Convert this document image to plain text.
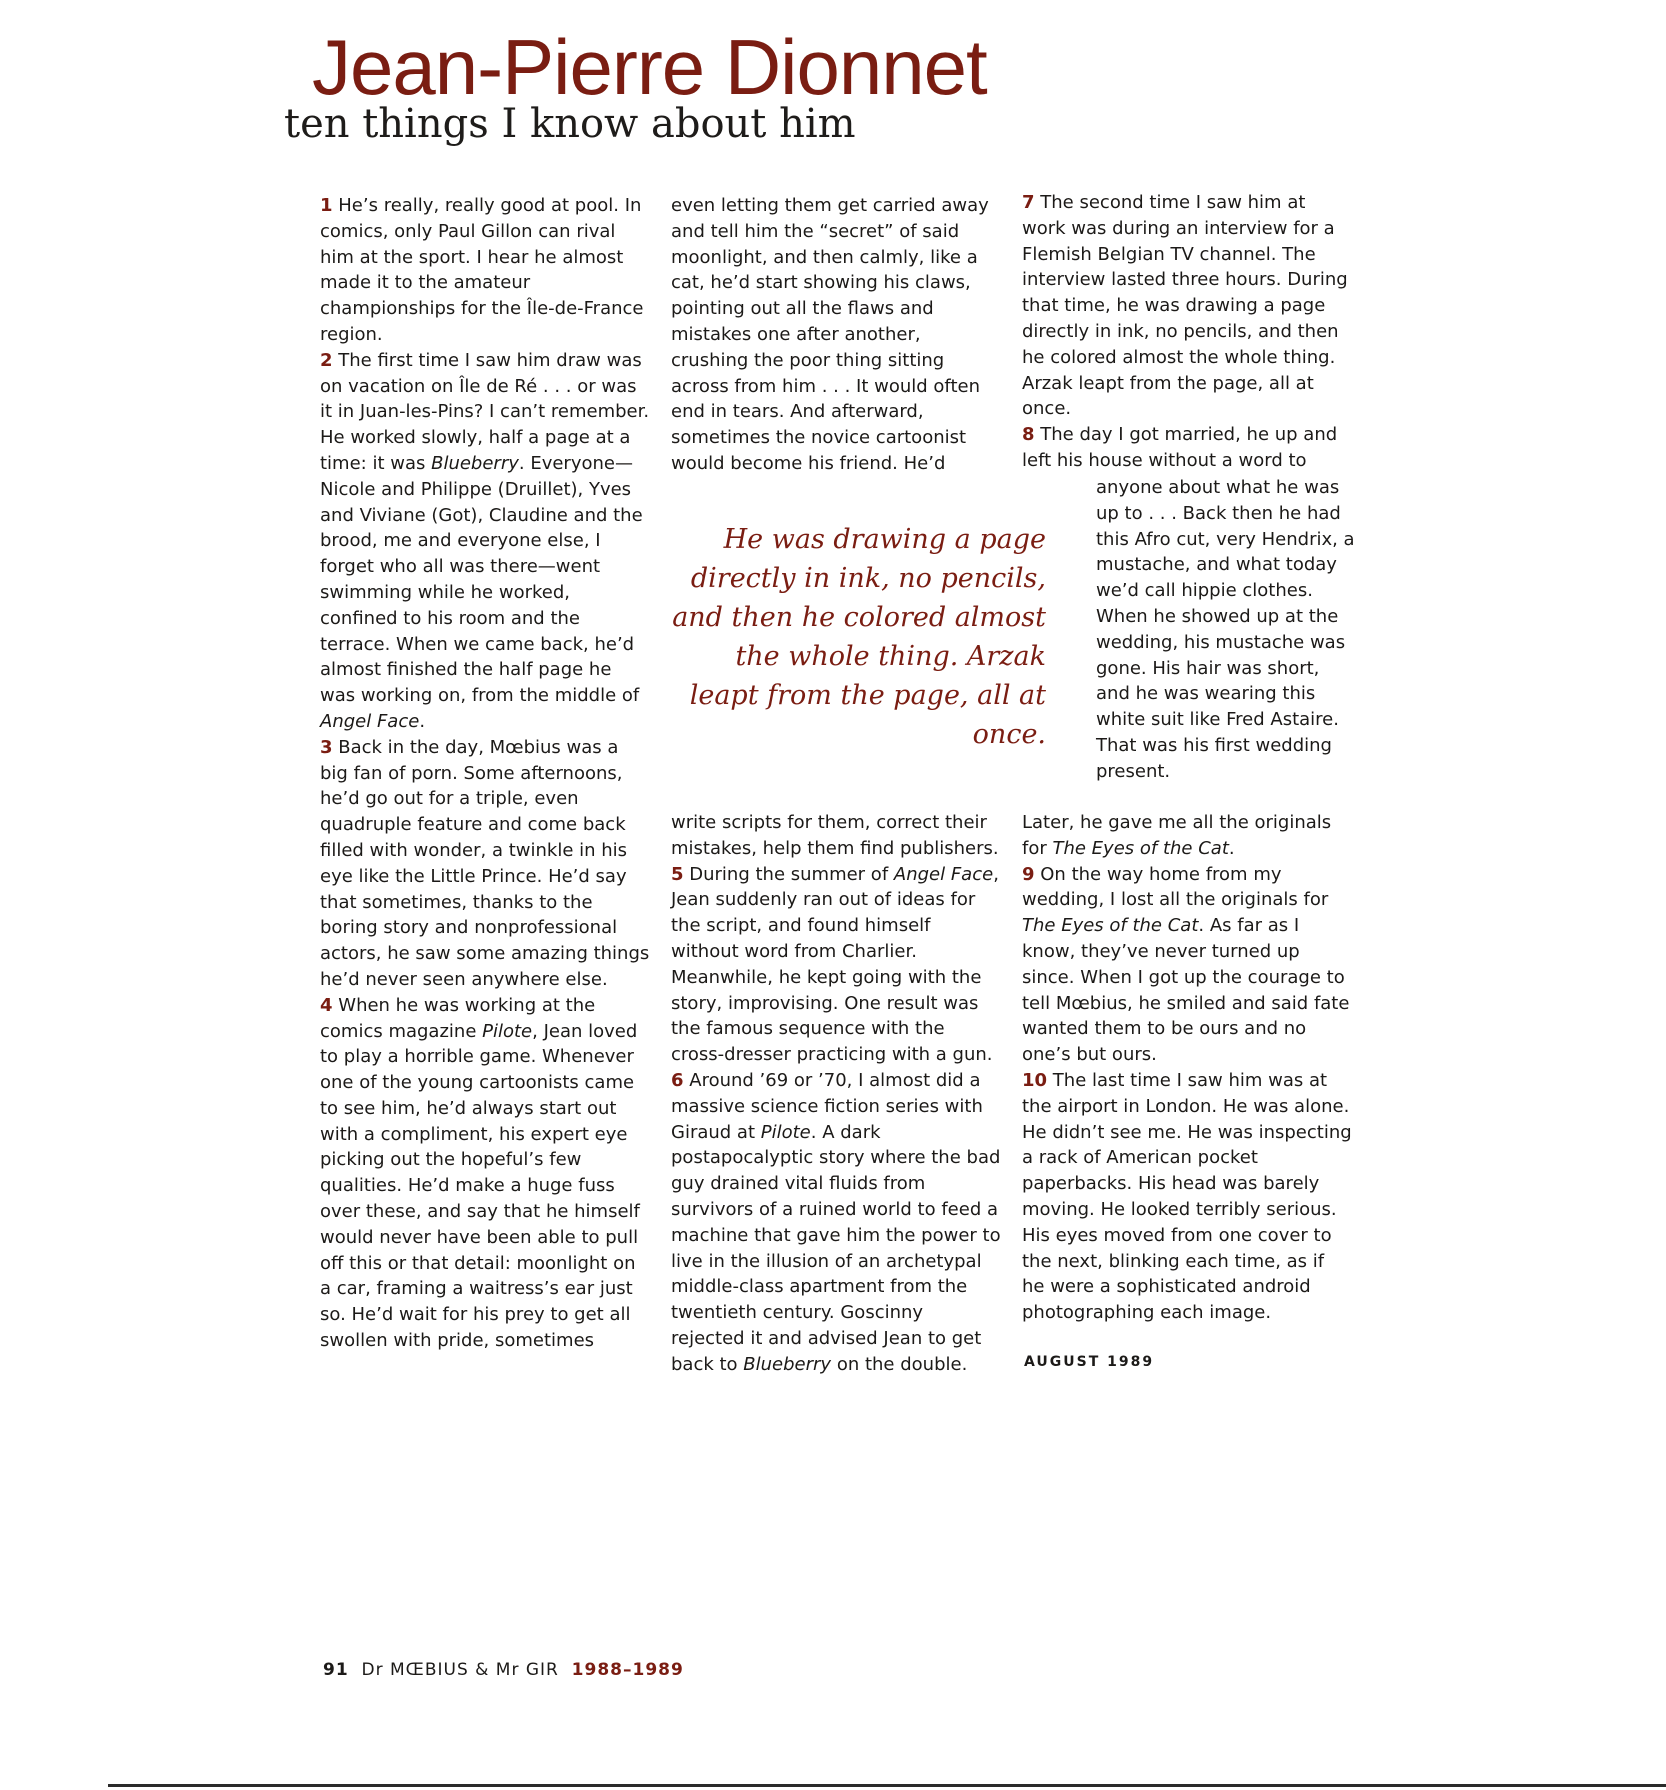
Jean-Pierre Dionnet
ten things I know about him

1 He’s really, really good at pool. In comics, only Paul Gillon can rival him at the sport. I hear he almost made it to the amateur championships for the Île-de-France region.

2 The first time I saw him draw was on vacation on Île de Ré . . . or was it in Juan-les-Pins? I can’t remember. He worked slowly, half a page at a time: it was Blueberry. Everyone—Nicole and Philippe (Druillet), Yves and Viviane (Got), Claudine and the brood, me and everyone else, I forget who all was there—went swimming while he worked, confined to his room and the terrace. When we came back, he’d almost finished the half page he was working on, from the middle of Angel Face.

3 Back in the day, Mœbius was a big fan of porn. Some afternoons, he’d go out for a triple, even quadruple feature and come back filled with wonder, a twinkle in his eye like the Little Prince. He’d say that sometimes, thanks to the boring story and nonprofessional actors, he saw some amazing things he’d never seen anywhere else.

4 When he was working at the comics magazine Pilote, Jean loved to play a horrible game. Whenever one of the young cartoonists came to see him, he’d always start out with a compliment, his expert eye picking out the hopeful’s few qualities. He’d make a huge fuss over these, and say that he himself would never have been able to pull off this or that detail: moonlight on a car, framing a waitress’s ear just so. He’d wait for his prey to get all swollen with pride, sometimes

even letting them get carried away and tell him the “secret” of said moonlight, and then calmly, like a cat, he’d start showing his claws, pointing out all the flaws and mistakes one after another, crushing the poor thing sitting across from him . . . It would often end in tears. And afterward, sometimes the novice cartoonist would become his friend. He’d

He was drawing a page directly in ink, no pencils, and then he colored almost the whole thing. Arzak leapt from the page, all at once.

write scripts for them, correct their mistakes, help them find publishers.

5 During the summer of Angel Face, Jean suddenly ran out of ideas for the script, and found himself without word from Charlier. Meanwhile, he kept going with the story, improvising. One result was the famous sequence with the cross-dresser practicing with a gun.

6 Around ’69 or ’70, I almost did a massive science fiction series with Giraud at Pilote. A dark postapocalyptic story where the bad guy drained vital fluids from survivors of a ruined world to feed a machine that gave him the power to live in the illusion of an archetypal middle-class apartment from the twentieth century. Goscinny rejected it and advised Jean to get back to Blueberry on the double.

7 The second time I saw him at work was during an interview for a Flemish Belgian TV channel. The interview lasted three hours. During that time, he was drawing a page directly in ink, no pencils, and then he colored almost the whole thing. Arzak leapt from the page, all at once.

8 The day I got married, he up and left his house without a word to

anyone about what he was up to . . . Back then he had this Afro cut, very Hendrix, a mustache, and what today we’d call hippie clothes. When he showed up at the wedding, his mustache was gone. His hair was short, and he was wearing this white suit like Fred Astaire. That was his first wedding present.

Later, he gave me all the originals for The Eyes of the Cat.

9 On the way home from my wedding, I lost all the originals for The Eyes of the Cat. As far as I know, they’ve never turned up since. When I got up the courage to tell Mœbius, he smiled and said fate wanted them to be ours and no one’s but ours.

10 The last time I saw him was at the airport in London. He was alone. He didn’t see me. He was inspecting a rack of American pocket paperbacks. His head was barely moving. He looked terribly serious. His eyes moved from one cover to the next, blinking each time, as if he were a sophisticated android photographing each image.

AUGUST 1989
91 Dr MŒBIUS & Mr GIR 1988–1989
